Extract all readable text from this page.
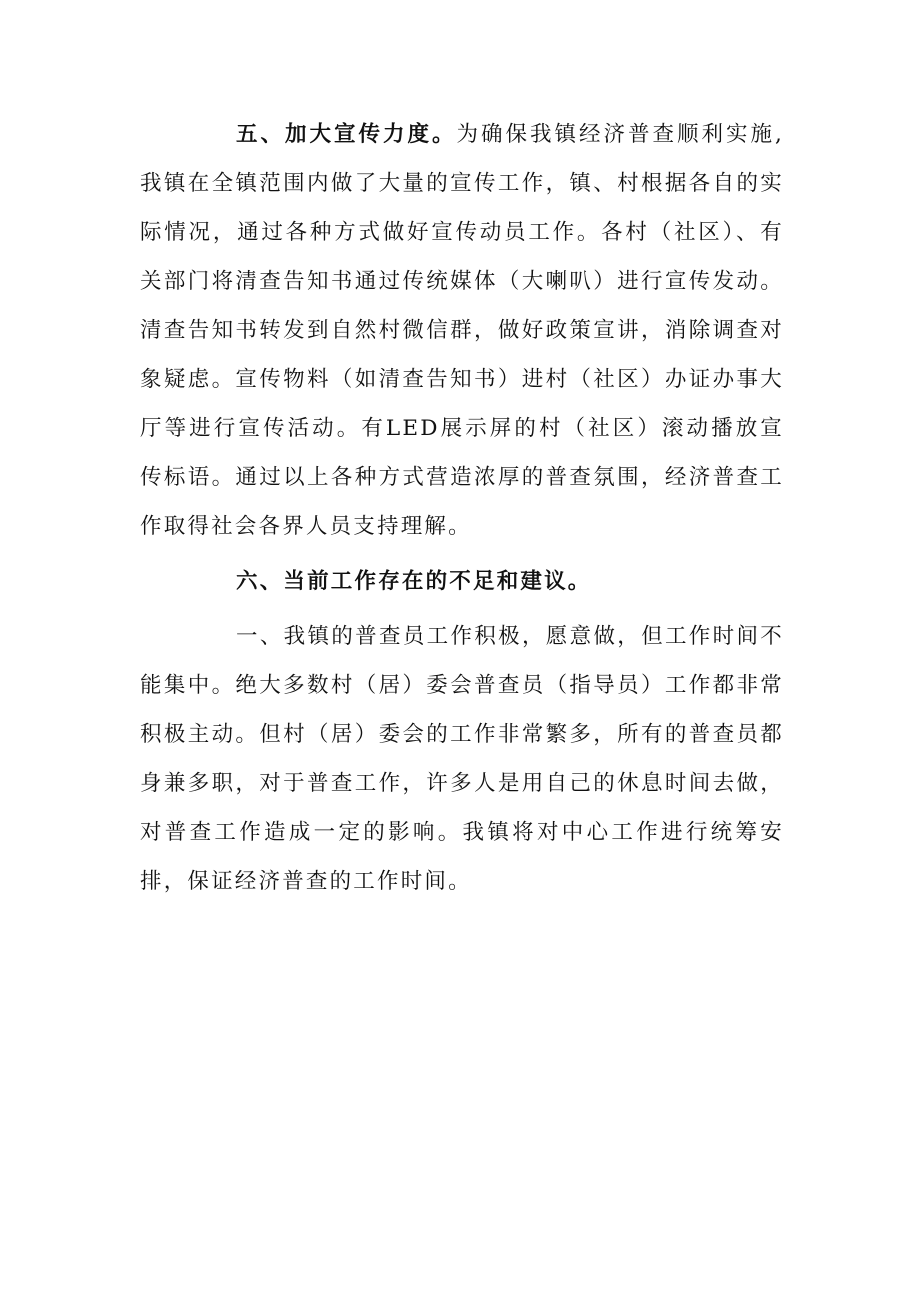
五、加大宣传力度。为确保我镇经济普查顺利实施,我镇在全镇范围内做了大量的宣传工作，镇、村根据各自的实际情况，通过各种方式做好宣传动员工作。各村（社区）、有关部门将清查告知书通过传统媒体（大喇叭）进行宣传发动。清查告知书转发到自然村微信群，做好政策宣讲，消除调查对象疑虑。宣传物料（如清查告知书）进村（社区）办证办事大厅等进行宣传活动。有LED展示屏的村（社区）滚动播放宣传标语。通过以上各种方式营造浓厚的普查氛围，经济普查工作取得社会各界人员支持理解。

六、当前工作存在的不足和建议。

一、我镇的普查员工作积极，愿意做，但工作时间不能集中。绝大多数村（居）委会普查员（指导员）工作都非常积极主动。但村（居）委会的工作非常繁多，所有的普查员都身兼多职，对于普查工作，许多人是用自己的休息时间去做，对普查工作造成一定的影响。我镇将对中心工作进行统筹安排，保证经济普查的工作时间。
